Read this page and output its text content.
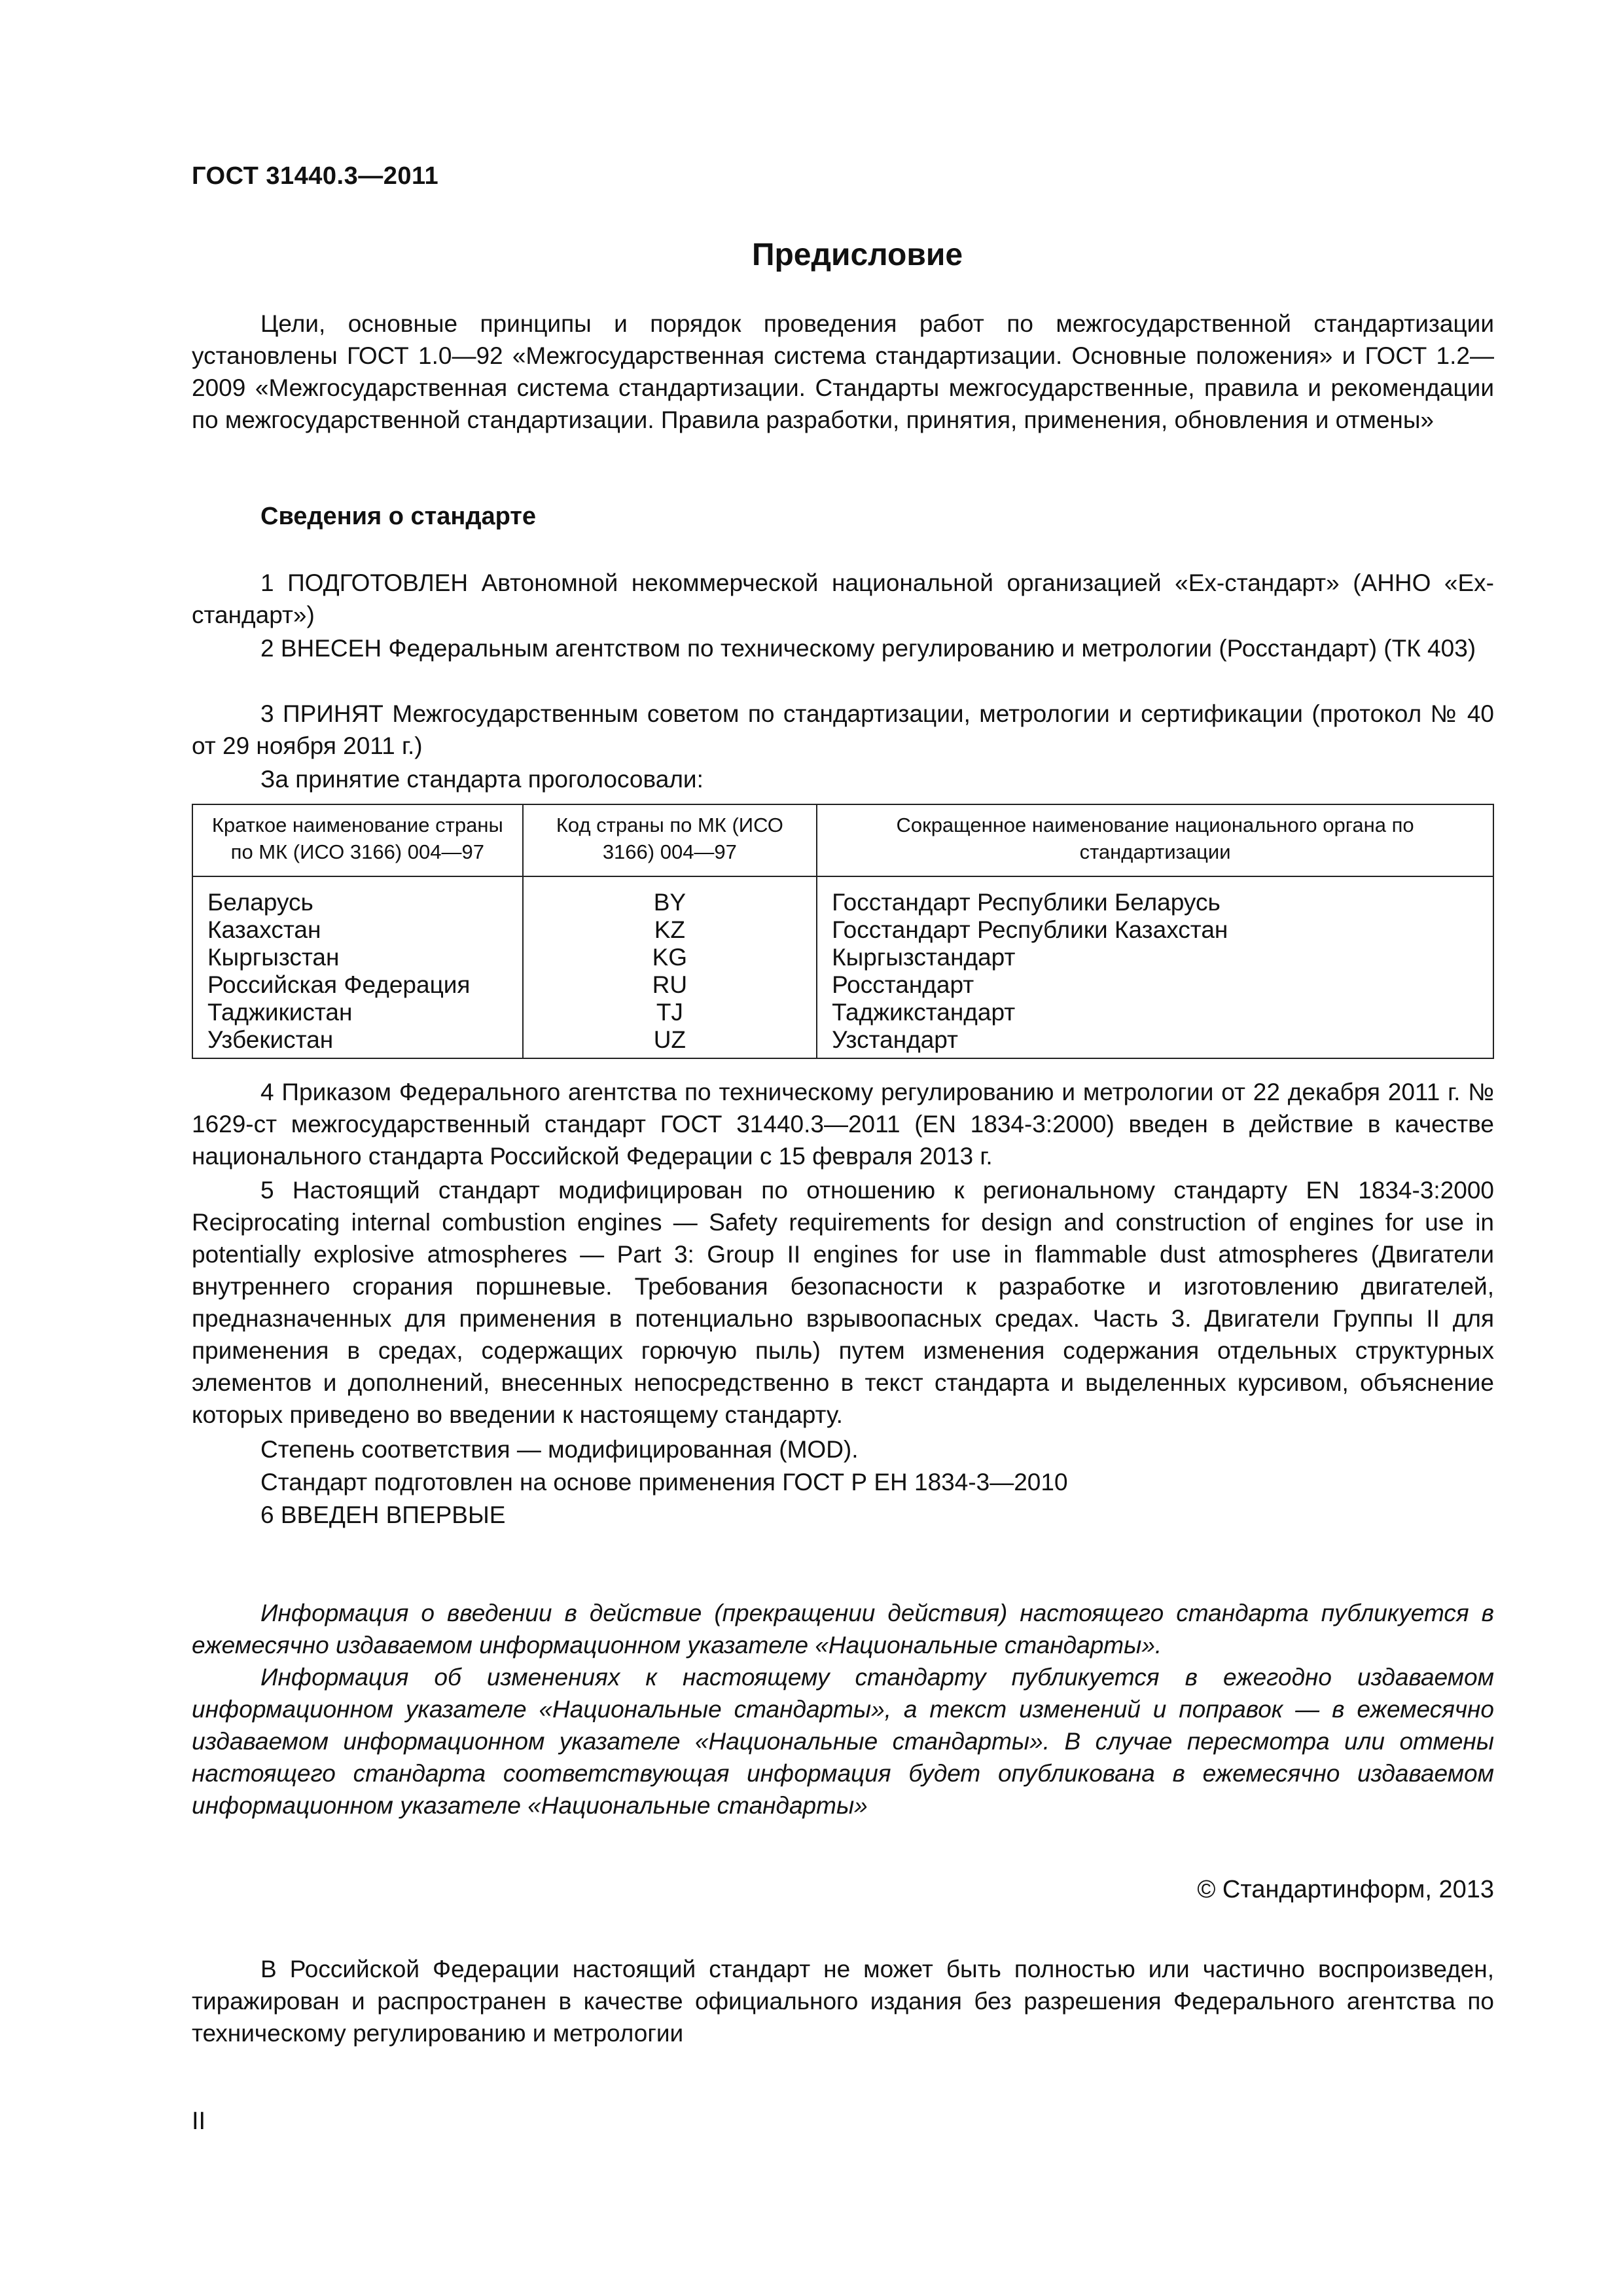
ГОСТ 31440.3—2011
Предисловие
Цели, основные принципы и порядок проведения работ по межгосударственной стандартизации установлены ГОСТ 1.0—92 «Межгосударственная система стандартизации. Основные положения» и ГОСТ 1.2—2009 «Межгосударственная система стандартизации. Стандарты межгосударственные, правила и рекомендации по межгосударственной стандартизации. Правила разработки, принятия, применения, обновления и отмены»
Сведения о стандарте
1 ПОДГОТОВЛЕН Автономной некоммерческой национальной организацией «Ех-стандарт» (АННО «Ех-стандарт»)
2 ВНЕСЕН Федеральным агентством по техническому регулированию и метрологии (Росстандарт) (ТК 403)
3 ПРИНЯТ Межгосударственным советом по стандартизации, метрологии и сертификации (протокол № 40 от 29 ноября 2011 г.)
За принятие стандарта проголосовали:
Краткое наименование страны по МК (ИСО 3166) 004—97	Код страны по МК (ИСО 3166) 004—97	Сокращенное наименование национального органа по стандартизации
Беларусь	BY	Госстандарт Республики Беларусь
Казахстан	KZ	Госстандарт Республики Казахстан
Кыргызстан	KG	Кыргызстандарт
Российская Федерация	RU	Росстандарт
Таджикистан	TJ	Таджикстандарт
Узбекистан	UZ	Узстандарт
4 Приказом Федерального агентства по техническому регулированию и метрологии от 22 декабря 2011 г. № 1629-ст межгосударственный стандарт ГОСТ 31440.3—2011 (EN 1834-3:2000) введен в действие в качестве национального стандарта Российской Федерации с 15 февраля 2013 г.
5 Настоящий стандарт модифицирован по отношению к региональному стандарту EN 1834-3:2000 Reciprocating internal combustion engines — Safety requirements for design and construction of engines for use in potentially explosive atmospheres — Part 3: Group II engines for use in flammable dust atmospheres (Двигатели внутреннего сгорания поршневые. Требования безопасности к разработке и изготовлению двигателей, предназначенных для применения в потенциально взрывоопасных средах. Часть 3. Двигатели Группы II для применения в средах, содержащих горючую пыль) путем изменения содержания отдельных структурных элементов и дополнений, внесенных непосредственно в текст стандарта и выделенных курсивом, объяснение которых приведено во введении к настоящему стандарту.
Степень соответствия — модифицированная (MOD).
Стандарт подготовлен на основе применения ГОСТ Р ЕН 1834-3—2010
6 ВВЕДЕН ВПЕРВЫЕ
Информация о введении в действие (прекращении действия) настоящего стандарта публикуется в ежемесячно издаваемом информационном указателе «Национальные стандарты».
Информация об изменениях к настоящему стандарту публикуется в ежегодно издаваемом информационном указателе «Национальные стандарты», а текст изменений и поправок — в ежемесячно издаваемом информационном указателе «Национальные стандарты». В случае пересмотра или отмены настоящего стандарта соответствующая информация будет опубликована в ежемесячно издаваемом информационном указателе «Национальные стандарты»
© Стандартинформ, 2013
В Российской Федерации настоящий стандарт не может быть полностью или частично воспроизведен, тиражирован и распространен в качестве официального издания без разрешения Федерального агентства по техническому регулированию и метрологии
II
